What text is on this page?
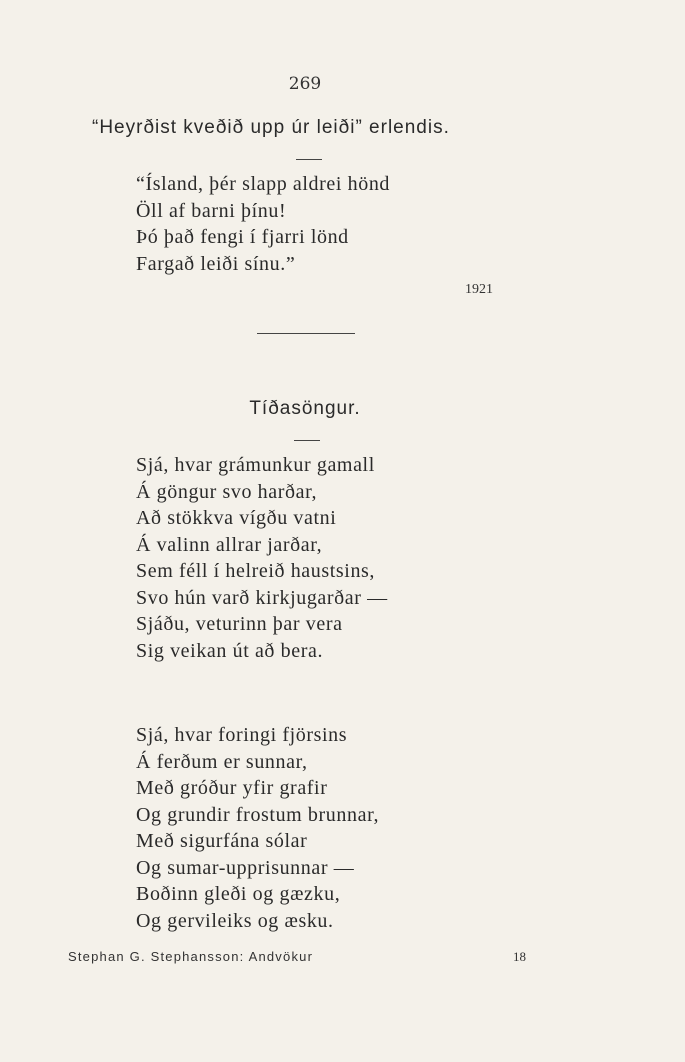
269
“Heyrðist kveðið upp úr leiði” erlendis.
“Ísland, þér slapp aldrei hönd
Öll af barni þínu!
Þó það fengi í fjarri lönd
Fargað leiði sínu.”
1921
Tíðasöngur.
Sjá, hvar grámunkur gamall
Á göngur svo harðar,
Að stökkva vígðu vatni
Á valinn allrar jarðar,
Sem féll í helreið haustsins,
Svo hún varð kirkjugarðar —
Sjáðu, veturinn þar vera
Sig veikan út að bera.
Sjá, hvar foringi fjörsins
Á ferðum er sunnar,
Með gróður yfir grafir
Og grundir frostum brunnar,
Með sigurfána sólar
Og sumar-upprisunnar —
Boðinn gleði og gæzku,
Og gervileiks og æsku.
Stephan G. Stephansson: Andvökur	18
